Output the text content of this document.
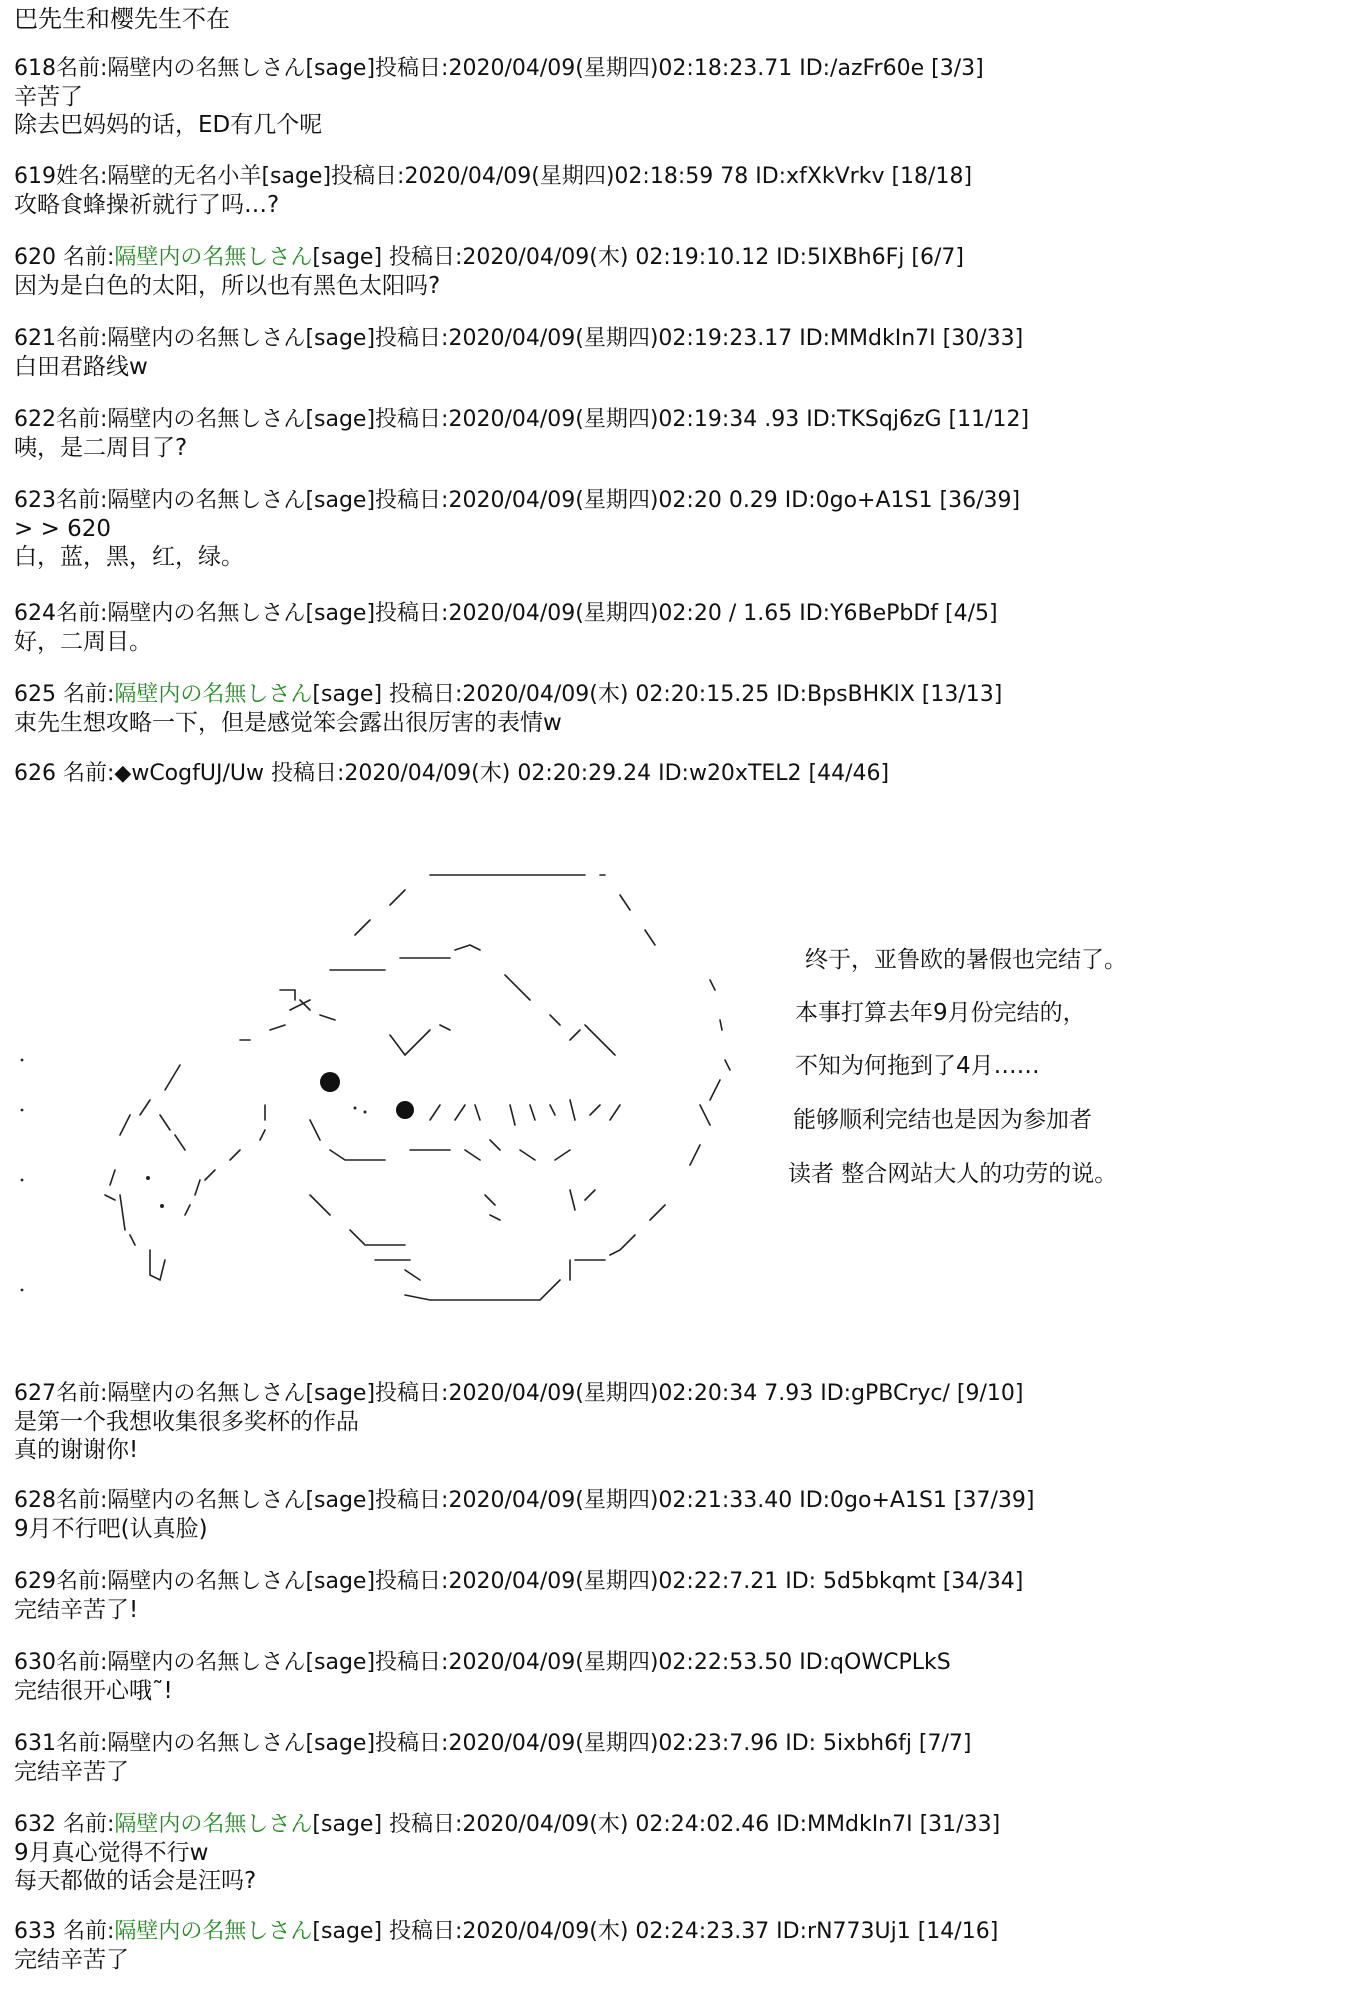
巴先生和樱先生不在
618名前:隔壁内の名無しさん[sage]投稿日:2020/04/09(星期四)02:18:23.71 ID:/azFr60e [3/3]
辛苦了
除去巴妈妈的话，ED有几个呢
619姓名:隔壁的无名小羊[sage]投稿日:2020/04/09(星期四)02:18:59 78 ID:xfXkVrkv [18/18]
攻略食蜂操祈就行了吗…?
620 名前:隔壁内の名無しさん[sage] 投稿日:2020/04/09(木) 02:19:10.12 ID:5IXBh6Fj [6/7]
因为是白色的太阳，所以也有黑色太阳吗?
621名前:隔壁内の名無しさん[sage]投稿日:2020/04/09(星期四)02:19:23.17 ID:MMdkIn7I [30/33]
白田君路线w
622名前:隔壁内の名無しさん[sage]投稿日:2020/04/09(星期四)02:19:34 .93 ID:TKSqj6zG [11/12]
咦，是二周目了?
623名前:隔壁内の名無しさん[sage]投稿日:2020/04/09(星期四)02:20 0.29 ID:0go+A1S1 [36/39]
> > 620
白，蓝，黑，红，绿。
624名前:隔壁内の名無しさん[sage]投稿日:2020/04/09(星期四)02:20 / 1.65 ID:Y6BePbDf [4/5]
好，二周目。
625 名前:隔壁内の名無しさん[sage] 投稿日:2020/04/09(木) 02:20:15.25 ID:BpsBHKlX [13/13]
束先生想攻略一下，但是感觉笨会露出很厉害的表情w
626 名前:◆wCogfUJ/Uw 投稿日:2020/04/09(木) 02:20:29.24 ID:w20xTEL2 [44/46]
627名前:隔壁内の名無しさん[sage]投稿日:2020/04/09(星期四)02:20:34 7.93 ID:gPBCryc/ [9/10]
是第一个我想收集很多奖杯的作品
真的谢谢你!
628名前:隔壁内の名無しさん[sage]投稿日:2020/04/09(星期四)02:21:33.40 ID:0go+A1S1 [37/39]
9月不行吧(认真脸)
629名前:隔壁内の名無しさん[sage]投稿日:2020/04/09(星期四)02:22:7.21 ID: 5d5bkqmt [34/34]
完结辛苦了!
630名前:隔壁内の名無しさん[sage]投稿日:2020/04/09(星期四)02:22:53.50 ID:qOWCPLkS
完结很开心哦˜!
631名前:隔壁内の名無しさん[sage]投稿日:2020/04/09(星期四)02:23:7.96 ID: 5ixbh6fj [7/7]
完结辛苦了
632 名前:隔壁内の名無しさん[sage] 投稿日:2020/04/09(木) 02:24:02.46 ID:MMdkIn7I [31/33]
9月真心觉得不行w
每天都做的话会是汪吗?
633 名前:隔壁内の名無しさん[sage] 投稿日:2020/04/09(木) 02:24:23.37 ID:rN773Uj1 [14/16]
完结辛苦了
终于，亚鲁欧的暑假也完结了。
本事打算去年9月份完结的，
不知为何拖到了4月……
能够顺利完结也是因为参加者
读者 整合网站大人的功劳的说。
